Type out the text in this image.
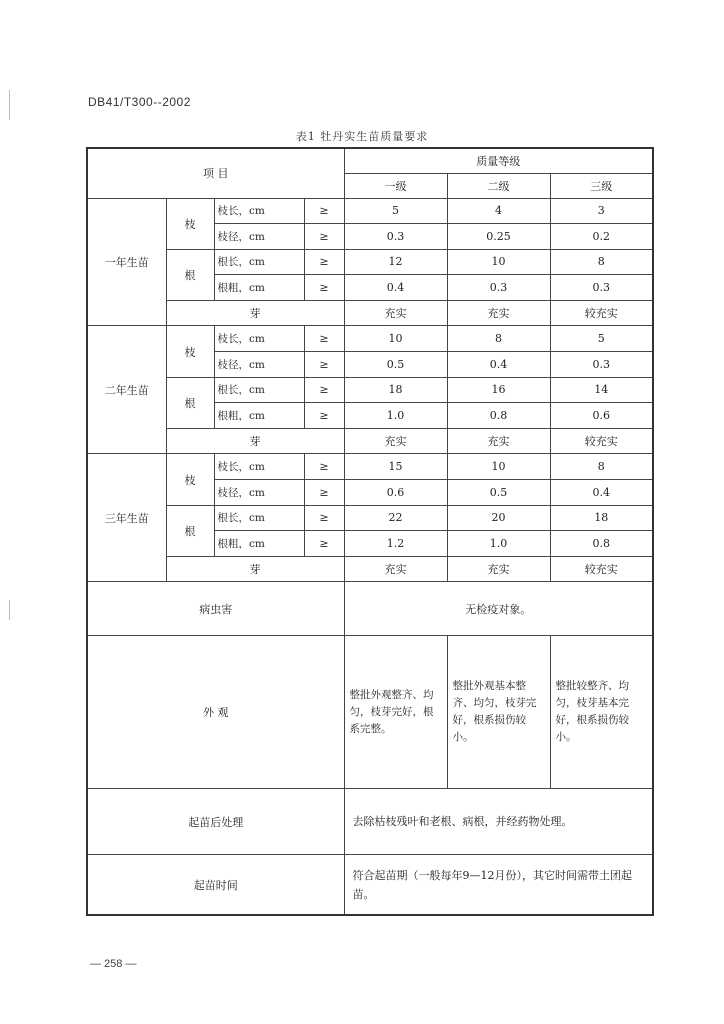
DB41/T300--2002
表1 牡丹实生苗质量要求
项 目				质量等级		
				一级	二级	三级
一年生苗	枝	枝长，cm	≥	5	4	3
		枝径，cm	≥	0.3	0.25	0.2
	根	根长，cm	≥	12	10	8
		根粗，cm	≥	0.4	0.3	0.3
	芽			充实	充实	较充实
二年生苗	枝	枝长，cm	≥	10	8	5
		枝径，cm	≥	0.5	0.4	0.3
	根	根长，cm	≥	18	16	14
		根粗，cm	≥	1.0	0.8	0.6
	芽			充实	充实	较充实
三年生苗	枝	枝长，cm	≥	15	10	8
		枝径，cm	≥	0.6	0.5	0.4
	根	根长，cm	≥	22	20	18
		根粗，cm	≥	1.2	1.0	0.8
	芽			充实	充实	较充实
病虫害				无检疫对象。		
外 观				整批外观整齐、均匀，枝芽完好，根系完整。	整批外观基本整齐、均匀，枝芽完好，根系损伤较小。	整批较整齐、均匀，枝芽基本完好，根系损伤较小。
起苗后处理				去除枯枝残叶和老根、病根，并经药物处理。		
起苗时间				符合起苗期（一般每年9—12月份），其它时间需带土团起苗。		
— 258 —
